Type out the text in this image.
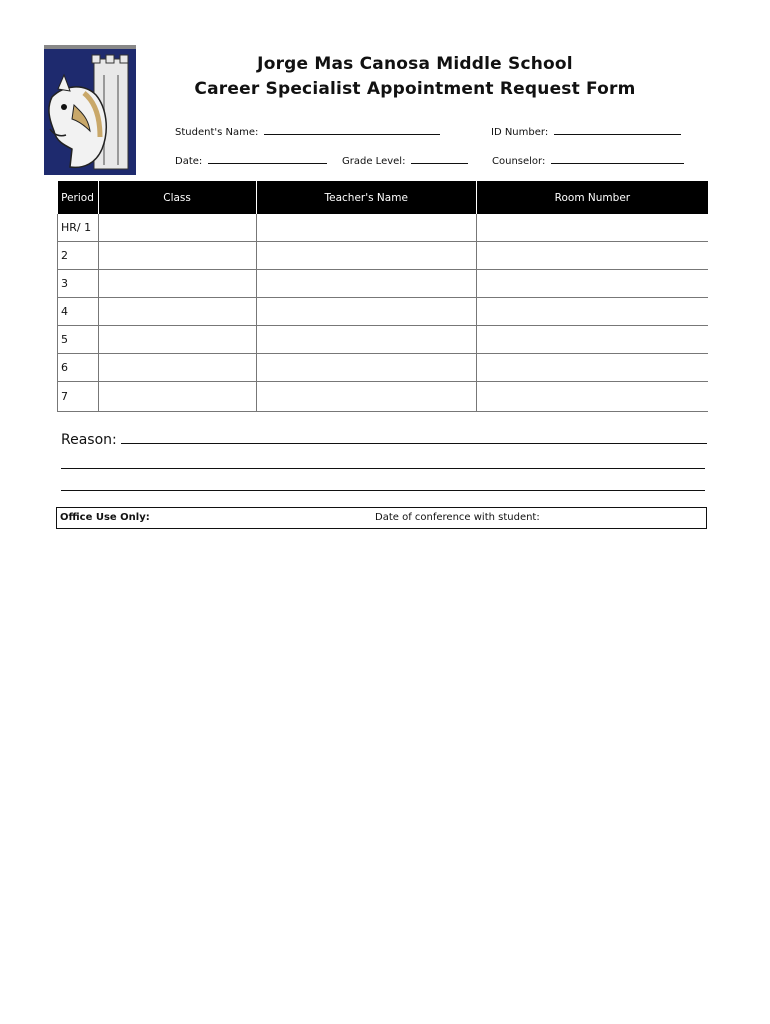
Jorge Mas Canosa Middle School
Career Specialist Appointment Request Form
Student's Name:	ID Number:
Date:	Grade Level:	Counselor:
Period	Class	Teacher's Name	Room Number
HR/ 1			
2			
3			
4			
5			
6			
7			
Reason:
Office Use Only:	Date of conference with student:
